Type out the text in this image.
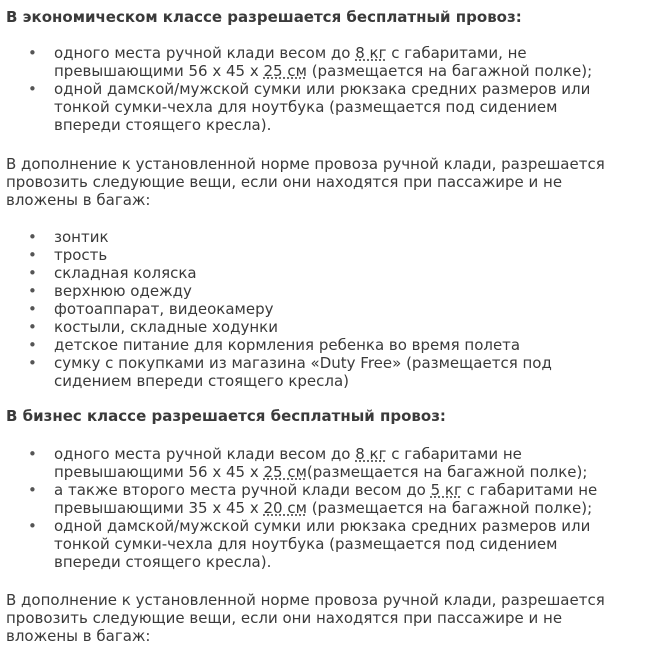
В экономическом классе разрешается бесплатный провоз:

• одного места ручной клади весом до 8 кг с габаритами, не
превышающими 56 х 45 х 25 см (размещается на багажной полке);
• одной дамской/мужской сумки или рюкзака средних размеров или
тонкой сумки-чехла для ноутбука (размещается под сидением
впереди стоящего кресла).

В дополнение к установленной норме провоза ручной клади, разрешается
провозить следующие вещи, если они находятся при пассажире и не
вложены в багаж:

• зонтик
• трость
• складная коляска
• верхнюю одежду
• фотоаппарат, видеокамеру
• костыли, складные ходунки
• детское питание для кормления ребенка во время полета
• сумку с покупками из магазина «Duty Free» (размещается под
сидением впереди стоящего кресла)

В бизнес классе разрешается бесплатный провоз:

• одного места ручной клади весом до 8 кг с габаритами не
превышающими 56 х 45 х 25 см(размещается на багажной полке);
• а также второго места ручной клади весом до 5 кг с габаритами не
превышающими 35 х 45 х 20 см (размещается на багажной полке);
• одной дамской/мужской сумки или рюкзака средних размеров или
тонкой сумки-чехла для ноутбука (размещается под сидением
впереди стоящего кресла).

В дополнение к установленной норме провоза ручной клади, разрешается
провозить следующие вещи, если они находятся при пассажире и не
вложены в багаж:
